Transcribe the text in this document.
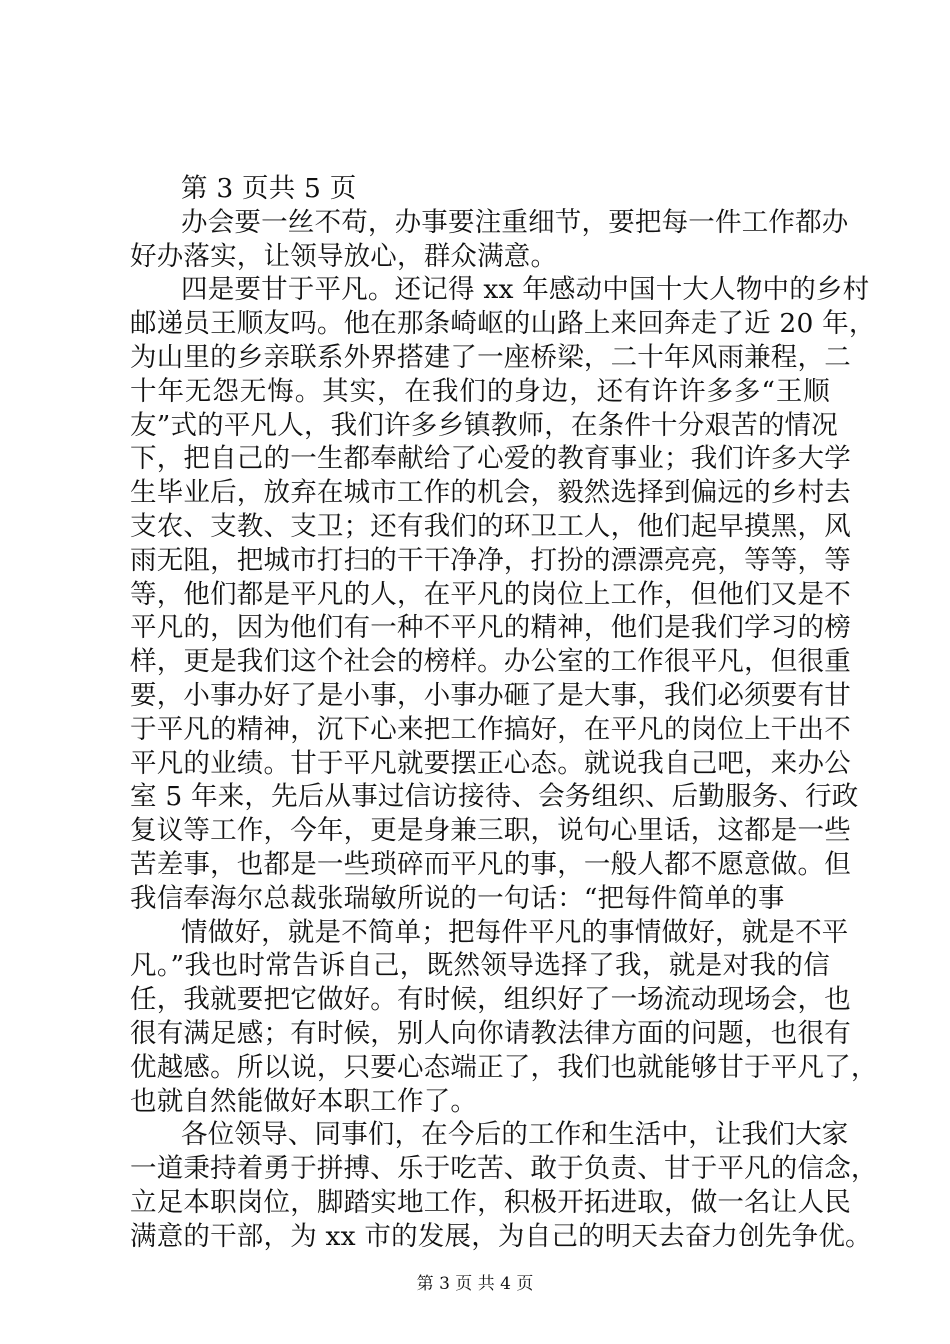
第 3 页共 5 页
办会要一丝不苟，办事要注重细节，要把每一件工作都办
好办落实，让领导放心，群众满意。
四是要甘于平凡。还记得 xx 年感动中国十大人物中的乡村
邮递员王顺友吗。他在那条崎岖的山路上来回奔走了近 20 年，
为山里的乡亲联系外界搭建了一座桥梁，二十年风雨兼程，二
十年无怨无悔。其实，在我们的身边，还有许许多多“王顺
友”式的平凡人，我们许多乡镇教师，在条件十分艰苦的情况
下，把自己的一生都奉献给了心爱的教育事业；我们许多大学
生毕业后，放弃在城市工作的机会，毅然选择到偏远的乡村去
支农、支教、支卫；还有我们的环卫工人，他们起早摸黑，风
雨无阻，把城市打扫的干干净净，打扮的漂漂亮亮，等等，等
等，他们都是平凡的人，在平凡的岗位上工作，但他们又是不
平凡的，因为他们有一种不平凡的精神，他们是我们学习的榜
样，更是我们这个社会的榜样。办公室的工作很平凡，但很重
要，小事办好了是小事，小事办砸了是大事，我们必须要有甘
于平凡的精神，沉下心来把工作搞好，在平凡的岗位上干出不
平凡的业绩。甘于平凡就要摆正心态。就说我自己吧，来办公
室 5 年来，先后从事过信访接待、会务组织、后勤服务、行政
复议等工作，今年，更是身兼三职，说句心里话，这都是一些
苦差事，也都是一些琐碎而平凡的事，一般人都不愿意做。但
我信奉海尔总裁张瑞敏所说的一句话：“把每件简单的事
情做好，就是不简单；把每件平凡的事情做好，就是不平
凡。”我也时常告诉自己，既然领导选择了我，就是对我的信
任，我就要把它做好。有时候，组织好了一场流动现场会，也
很有满足感；有时候，别人向你请教法律方面的问题，也很有
优越感。所以说，只要心态端正了，我们也就能够甘于平凡了，
也就自然能做好本职工作了。
各位领导、同事们，在今后的工作和生活中，让我们大家
一道秉持着勇于拼搏、乐于吃苦、敢于负责、甘于平凡的信念，
立足本职岗位，脚踏实地工作，积极开拓进取，做一名让人民
满意的干部，为 xx 市的发展，为自己的明天去奋力创先争优。
第 3 页 共 4 页
